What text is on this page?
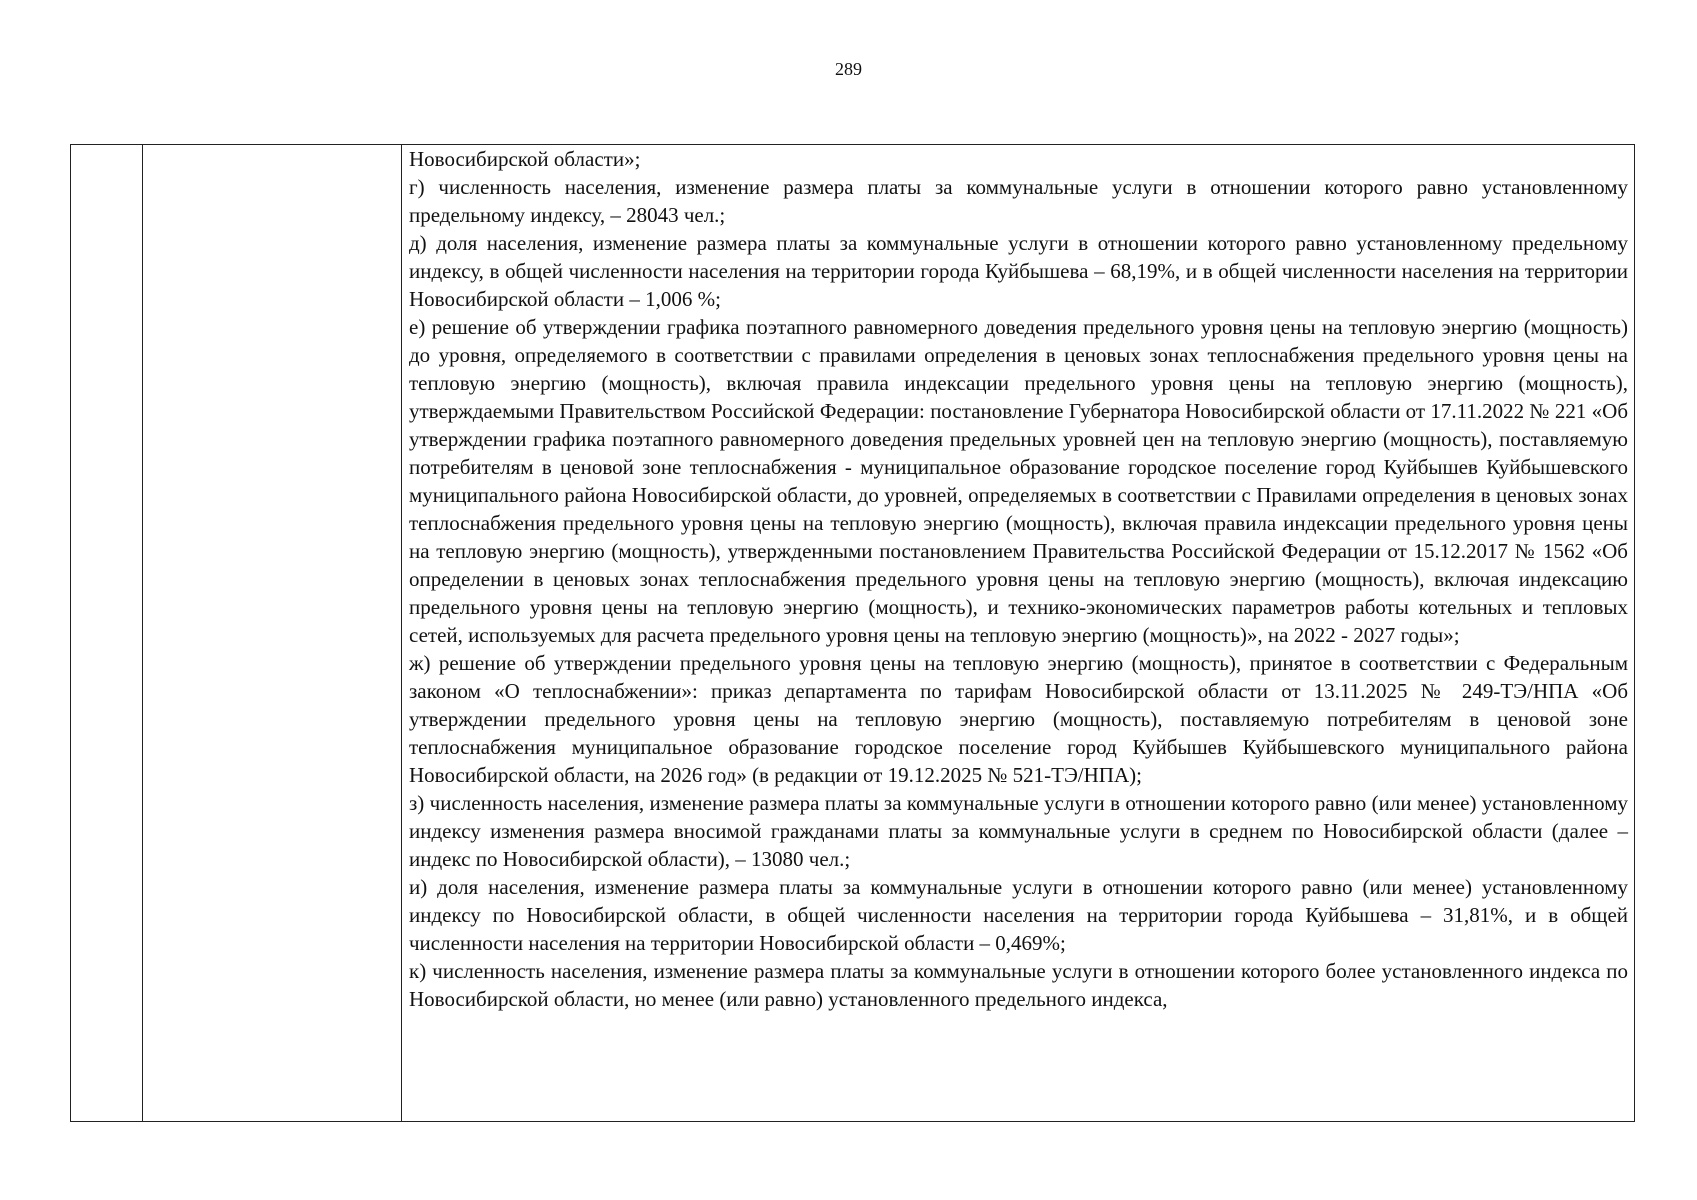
289

Новосибирской области»;

г) численность населения, изменение размера платы за коммунальные услуги в отношении которого равно установленному предельному индексу, – 28043 чел.;

д) доля населения, изменение размера платы за коммунальные услуги в отношении которого равно установленному предельному индексу, в общей численности населения на территории города Куйбышева – 68,19%, и в общей численности населения на территории Новосибирской области – 1,006 %;

е) решение об утверждении графика поэтапного равномерного доведения предельного уровня цены на тепловую энергию (мощность) до уровня, определяемого в соответствии с правилами определения в ценовых зонах теплоснабжения предельного уровня цены на тепловую энергию (мощность), включая правила индексации предельного уровня цены на тепловую энергию (мощность), утверждаемыми Правительством Российской Федерации: постановление Губернатора Новосибирской области от 17.11.2022 № 221 «Об утверждении графика поэтапного равномерного доведения предельных уровней цен на тепловую энергию (мощность), поставляемую потребителям в ценовой зоне теплоснабжения - муниципальное образование городское поселение город Куйбышев Куйбышевского муниципального района Новосибирской области, до уровней, определяемых в соответствии с Правилами определения в ценовых зонах теплоснабжения предельного уровня цены на тепловую энергию (мощность), включая правила индексации предельного уровня цены на тепловую энергию (мощность), утвержденными постановлением Правительства Российской Федерации от 15.12.2017 № 1562 «Об определении в ценовых зонах теплоснабжения предельного уровня цены на тепловую энергию (мощность), включая индексацию предельного уровня цены на тепловую энергию (мощность), и технико-экономических параметров работы котельных и тепловых сетей, используемых для расчета предельного уровня цены на тепловую энергию (мощность)», на 2022 - 2027 годы»;

ж) решение об утверждении предельного уровня цены на тепловую энергию (мощность), принятое в соответствии с Федеральным законом «О теплоснабжении»: приказ департамента по тарифам Новосибирской области от 13.11.2025 № 249-ТЭ/НПА «Об утверждении предельного уровня цены на тепловую энергию (мощность), поставляемую потребителям в ценовой зоне теплоснабжения муниципальное образование городское поселение город Куйбышев Куйбышевского муниципального района Новосибирской области, на 2026 год» (в редакции от 19.12.2025 № 521-ТЭ/НПА);

з) численность населения, изменение размера платы за коммунальные услуги в отношении которого равно (или менее) установленному индексу изменения размера вносимой гражданами платы за коммунальные услуги в среднем по Новосибирской области (далее – индекс по Новосибирской области), – 13080 чел.;

и) доля населения, изменение размера платы за коммунальные услуги в отношении которого равно (или менее) установленному индексу по Новосибирской области, в общей численности населения на территории города Куйбышева – 31,81%, и в общей численности населения на территории Новосибирской области – 0,469%;

к) численность населения, изменение размера платы за коммунальные услуги в отношении которого более установленного индекса по Новосибирской области, но менее (или равно) установленного предельного индекса,
